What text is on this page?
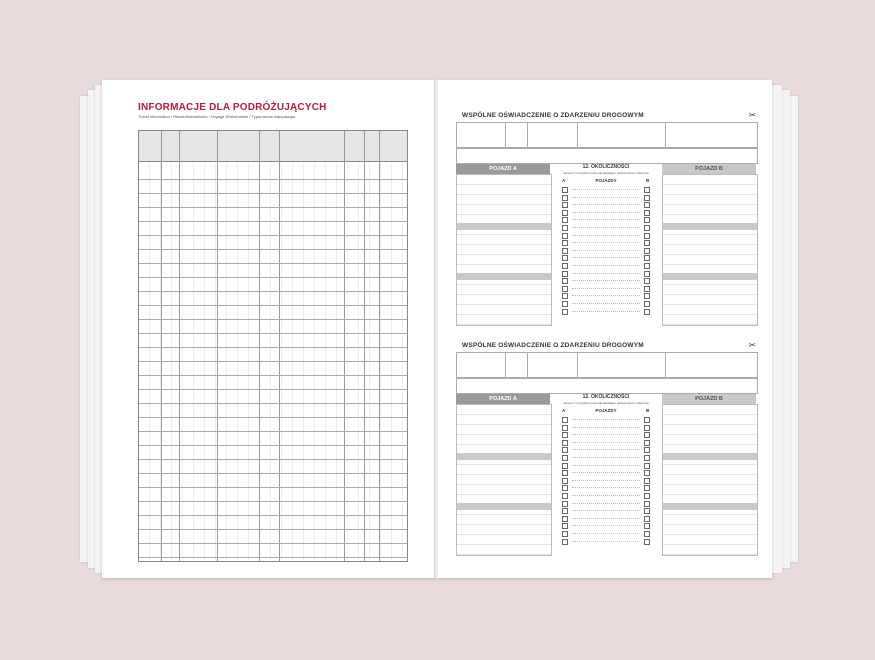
INFORMACJE DLA PODRÓŻUJĄCYCH
Travel information / Reiseinformationen / Voyage d'information / Туристична інформація	WSPÓLNE OŚWIADCZENIE O ZDARZENIU DROGOWYM	✂
POJAZD A	POJAZD B
12. OKOLICZNOŚCI
zaznacz z krzyżykiem pola odpowiadające okolicznościom zdarzenia
A	POJAZDY	B
WSPÓLNE OŚWIADCZENIE O ZDARZENIU DROGOWYM	✂
POJAZD A	POJAZD B
12. OKOLICZNOŚCI
zaznacz z krzyżykiem pola odpowiadające okolicznościom zdarzenia
A	POJAZDY	B
